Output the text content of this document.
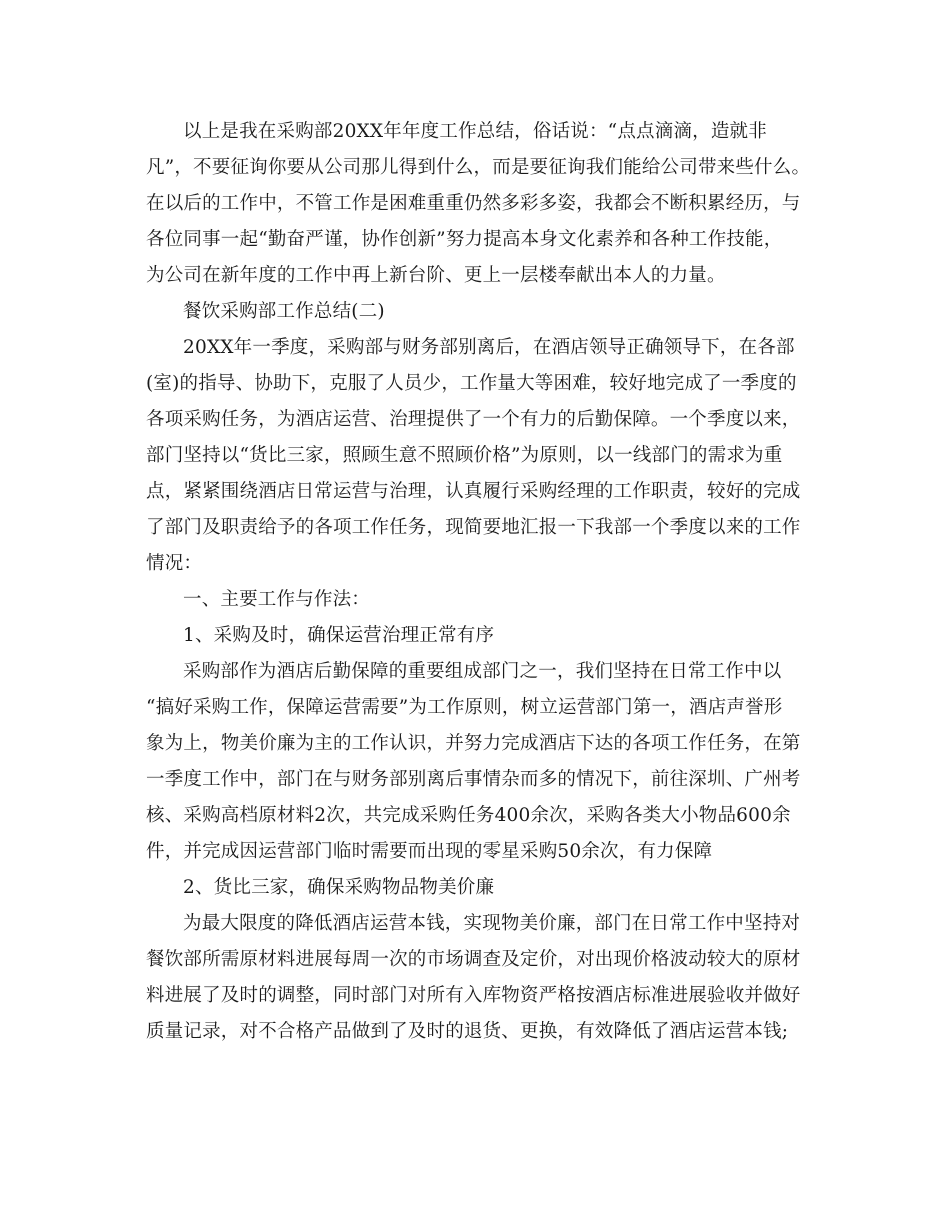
以上是我在采购部20XX年年度工作总结，俗话说：“点点滴滴，造就非
凡”，不要征询你要从公司那儿得到什么，而是要征询我们能给公司带来些什么。
在以后的工作中，不管工作是困难重重仍然多彩多姿，我都会不断积累经历，与
各位同事一起“勤奋严谨，协作创新”努力提高本身文化素养和各种工作技能，
为公司在新年度的工作中再上新台阶、更上一层楼奉献出本人的力量。
餐饮采购部工作总结(二)
20XX年一季度，采购部与财务部别离后，在酒店领导正确领导下，在各部
(室)的指导、协助下，克服了人员少，工作量大等困难，较好地完成了一季度的
各项采购任务，为酒店运营、治理提供了一个有力的后勤保障。一个季度以来，
部门坚持以“货比三家，照顾生意不照顾价格”为原则，以一线部门的需求为重
点，紧紧围绕酒店日常运营与治理，认真履行采购经理的工作职责，较好的完成
了部门及职责给予的各项工作任务，现简要地汇报一下我部一个季度以来的工作
情况：
一、主要工作与作法：
1、采购及时，确保运营治理正常有序
采购部作为酒店后勤保障的重要组成部门之一，我们坚持在日常工作中以
“搞好采购工作，保障运营需要”为工作原则，树立运营部门第一，酒店声誉形
象为上，物美价廉为主的工作认识，并努力完成酒店下达的各项工作任务，在第
一季度工作中，部门在与财务部别离后事情杂而多的情况下，前往深圳、广州考
核、采购高档原材料2次，共完成采购任务400余次，采购各类大小物品600余
件，并完成因运营部门临时需要而出现的零星采购50余次，有力保障
2、货比三家，确保采购物品物美价廉
为最大限度的降低酒店运营本钱，实现物美价廉，部门在日常工作中坚持对
餐饮部所需原材料进展每周一次的市场调查及定价，对出现价格波动较大的原材
料进展了及时的调整，同时部门对所有入库物资严格按酒店标准进展验收并做好
质量记录，对不合格产品做到了及时的退货、更换，有效降低了酒店运营本钱;
